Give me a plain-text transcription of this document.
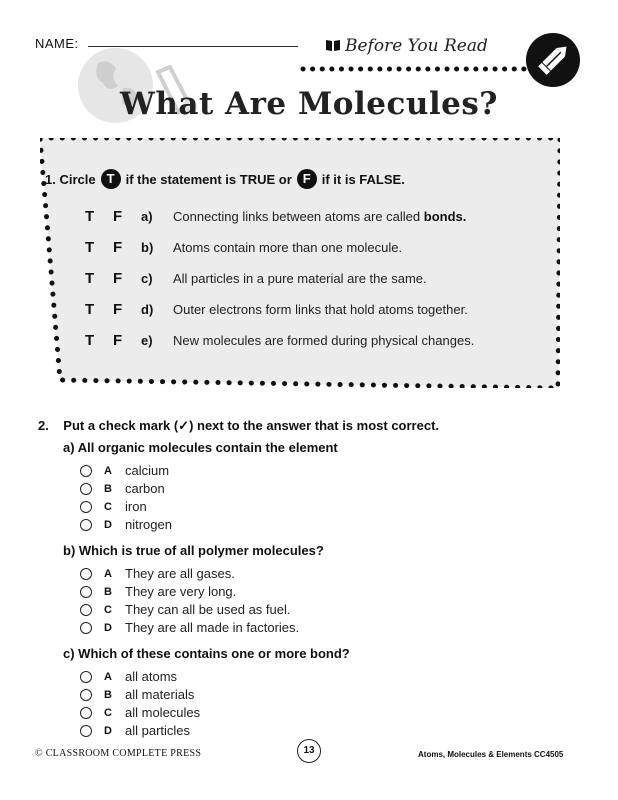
NAME:	Before You Read
What Are Molecules?
1.
Circle T if the statement is TRUE or F if it is FALSE.
T	F	a)	Connecting links between atoms are called bonds.
T	F	b)	Atoms contain more than one molecule.
T	F	c)	All particles in a pure material are the same.
T	F	d)	Outer electrons form links that hold atoms together.
T	F	e)	New molecules are formed during physical changes.
2.    Put a check mark (✓) next to the answer that is most correct.
a) All organic molecules contain the element
A	calcium
B	carbon
C	iron
D	nitrogen
b) Which is true of all polymer molecules?
A	They are all gases.
B	They are very long.
C	They can all be used as fuel.
D	They are all made in factories.
c) Which of these contains one or more bond?
A	all atoms
B	all materials
C	all molecules
D	all particles
© CLASSROOM COMPLETE PRESS	13	Atoms, Molecules & Elements CC4505
